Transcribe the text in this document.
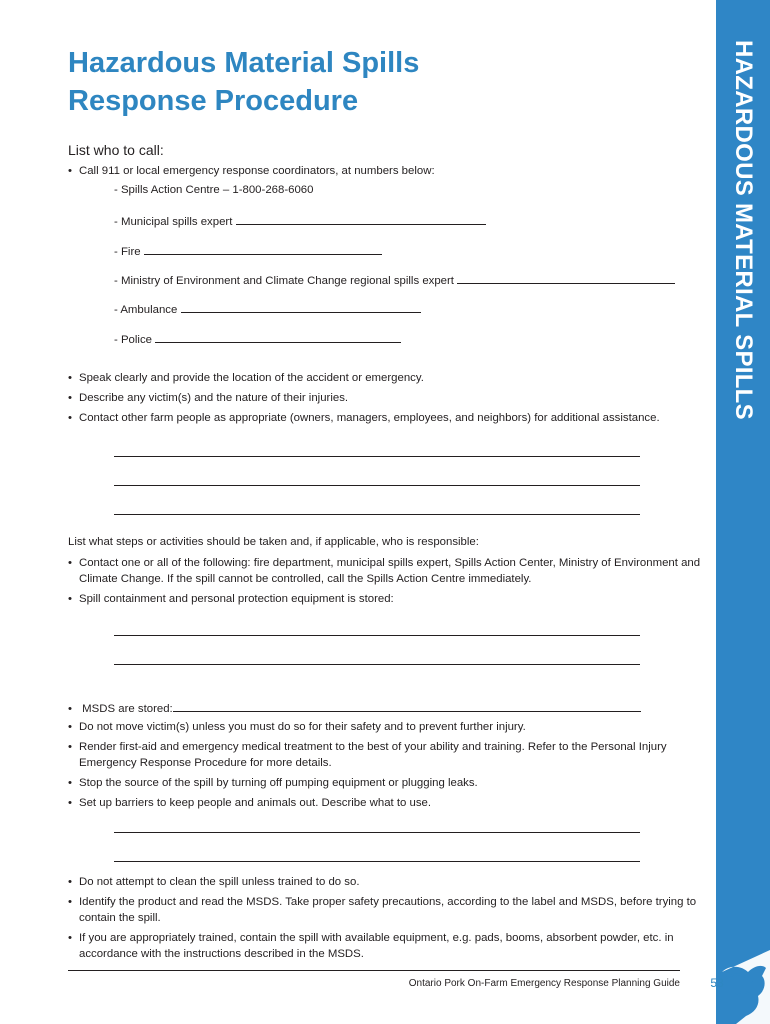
Hazardous Material Spills
Response Procedure	HAZARDOUS MATERIAL SPILLS
List who to call:
• Call 911 or local emergency response coordinators, at numbers below:
- Spills Action Centre – 1-800-268-6060
- Municipal spills expert
- Fire
- Ministry of Environment and Climate Change regional spills expert
- Ambulance
- Police
• Speak clearly and provide the location of the accident or emergency.
• Describe any victim(s) and the nature of their injuries.
• Contact other farm people as appropriate (owners, managers, employees, and neighbors) for additional assistance.
List what steps or activities should be taken and, if applicable, who is responsible:
• Contact one or all of the following: fire department, municipal spills expert, Spills Action Center, Ministry of Environment and Climate Change. If the spill cannot be controlled, call the Spills Action Centre immediately.
• Spill containment and personal protection equipment is stored:
• MSDS are stored:
• Do not move victim(s) unless you must do so for their safety and to prevent further injury.
• Render first-aid and emergency medical treatment to the best of your ability and training. Refer to the Personal Injury Emergency Response Procedure for more details.
• Stop the source of the spill by turning off pumping equipment or plugging leaks.
• Set up barriers to keep people and animals out. Describe what to use.
• Do not attempt to clean the spill unless trained to do so.
• Identify the product and read the MSDS. Take proper safety precautions, according to the label and MSDS, before trying to contain the spill.
• If you are appropriately trained, contain the spill with available equipment, e.g. pads, booms, absorbent powder, etc. in accordance with the instructions described in the MSDS.
Ontario Pork On-Farm Emergency Response Planning Guide	53
